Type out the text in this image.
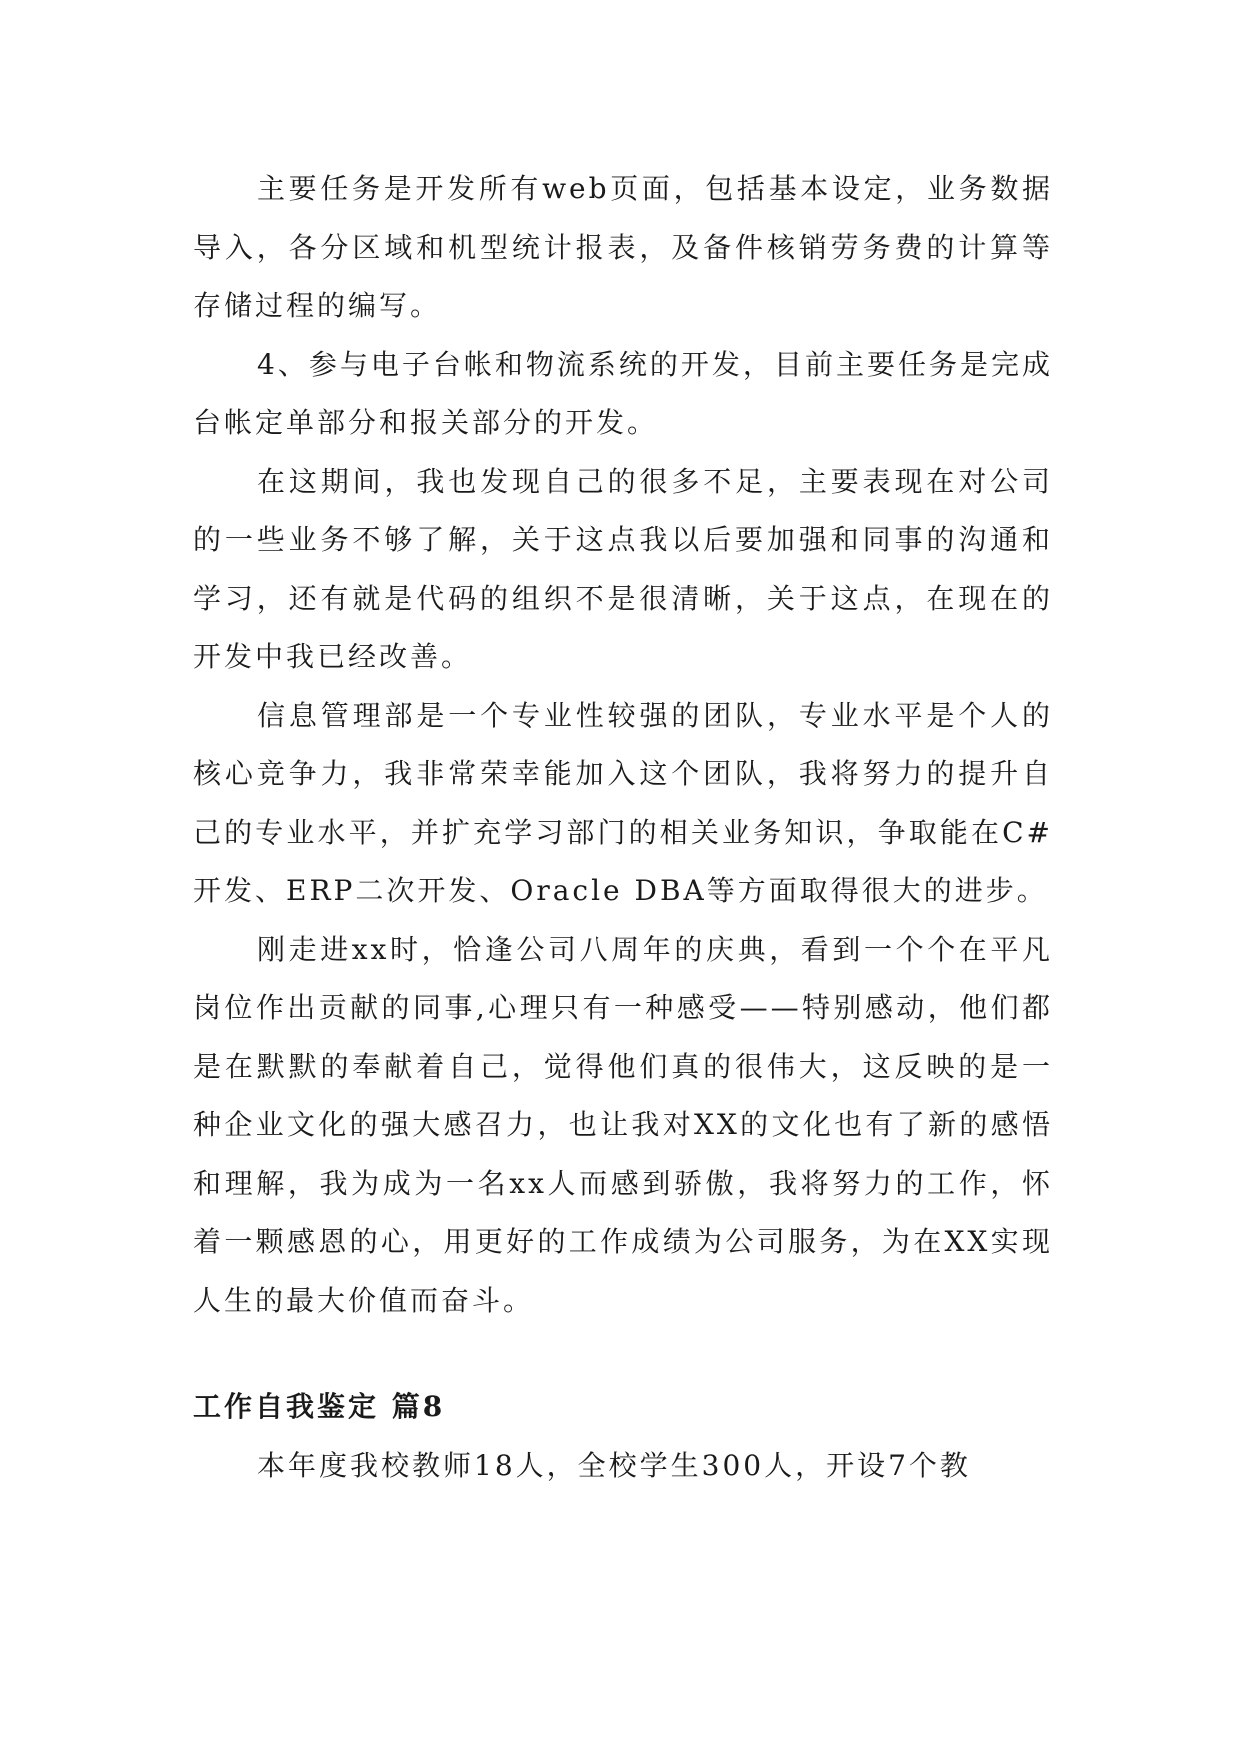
主要任务是开发所有web页面，包括基本设定，业务数据导入，各分区域和机型统计报表，及备件核销劳务费的计算等存储过程的编写。

4、参与电子台帐和物流系统的开发，目前主要任务是完成台帐定单部分和报关部分的开发。

在这期间，我也发现自己的很多不足，主要表现在对公司的一些业务不够了解，关于这点我以后要加强和同事的沟通和学习，还有就是代码的组织不是很清晰，关于这点，在现在的开发中我已经改善。

信息管理部是一个专业性较强的团队，专业水平是个人的核心竞争力，我非常荣幸能加入这个团队，我将努力的提升自己的专业水平，并扩充学习部门的相关业务知识，争取能在C#开发、ERP二次开发、Oracle DBA等方面取得很大的进步。

刚走进xx时，恰逢公司八周年的庆典，看到一个个在平凡岗位作出贡献的同事,心理只有一种感受——特别感动，他们都是在默默的奉献着自己，觉得他们真的很伟大，这反映的是一种企业文化的强大感召力，也让我对XX的文化也有了新的感悟和理解，我为成为一名xx人而感到骄傲，我将努力的工作，怀着一颗感恩的心，用更好的工作成绩为公司服务，为在XX实现人生的最大价值而奋斗。

工作自我鉴定 篇8

本年度我校教师18人，全校学生300人，开设7个教
